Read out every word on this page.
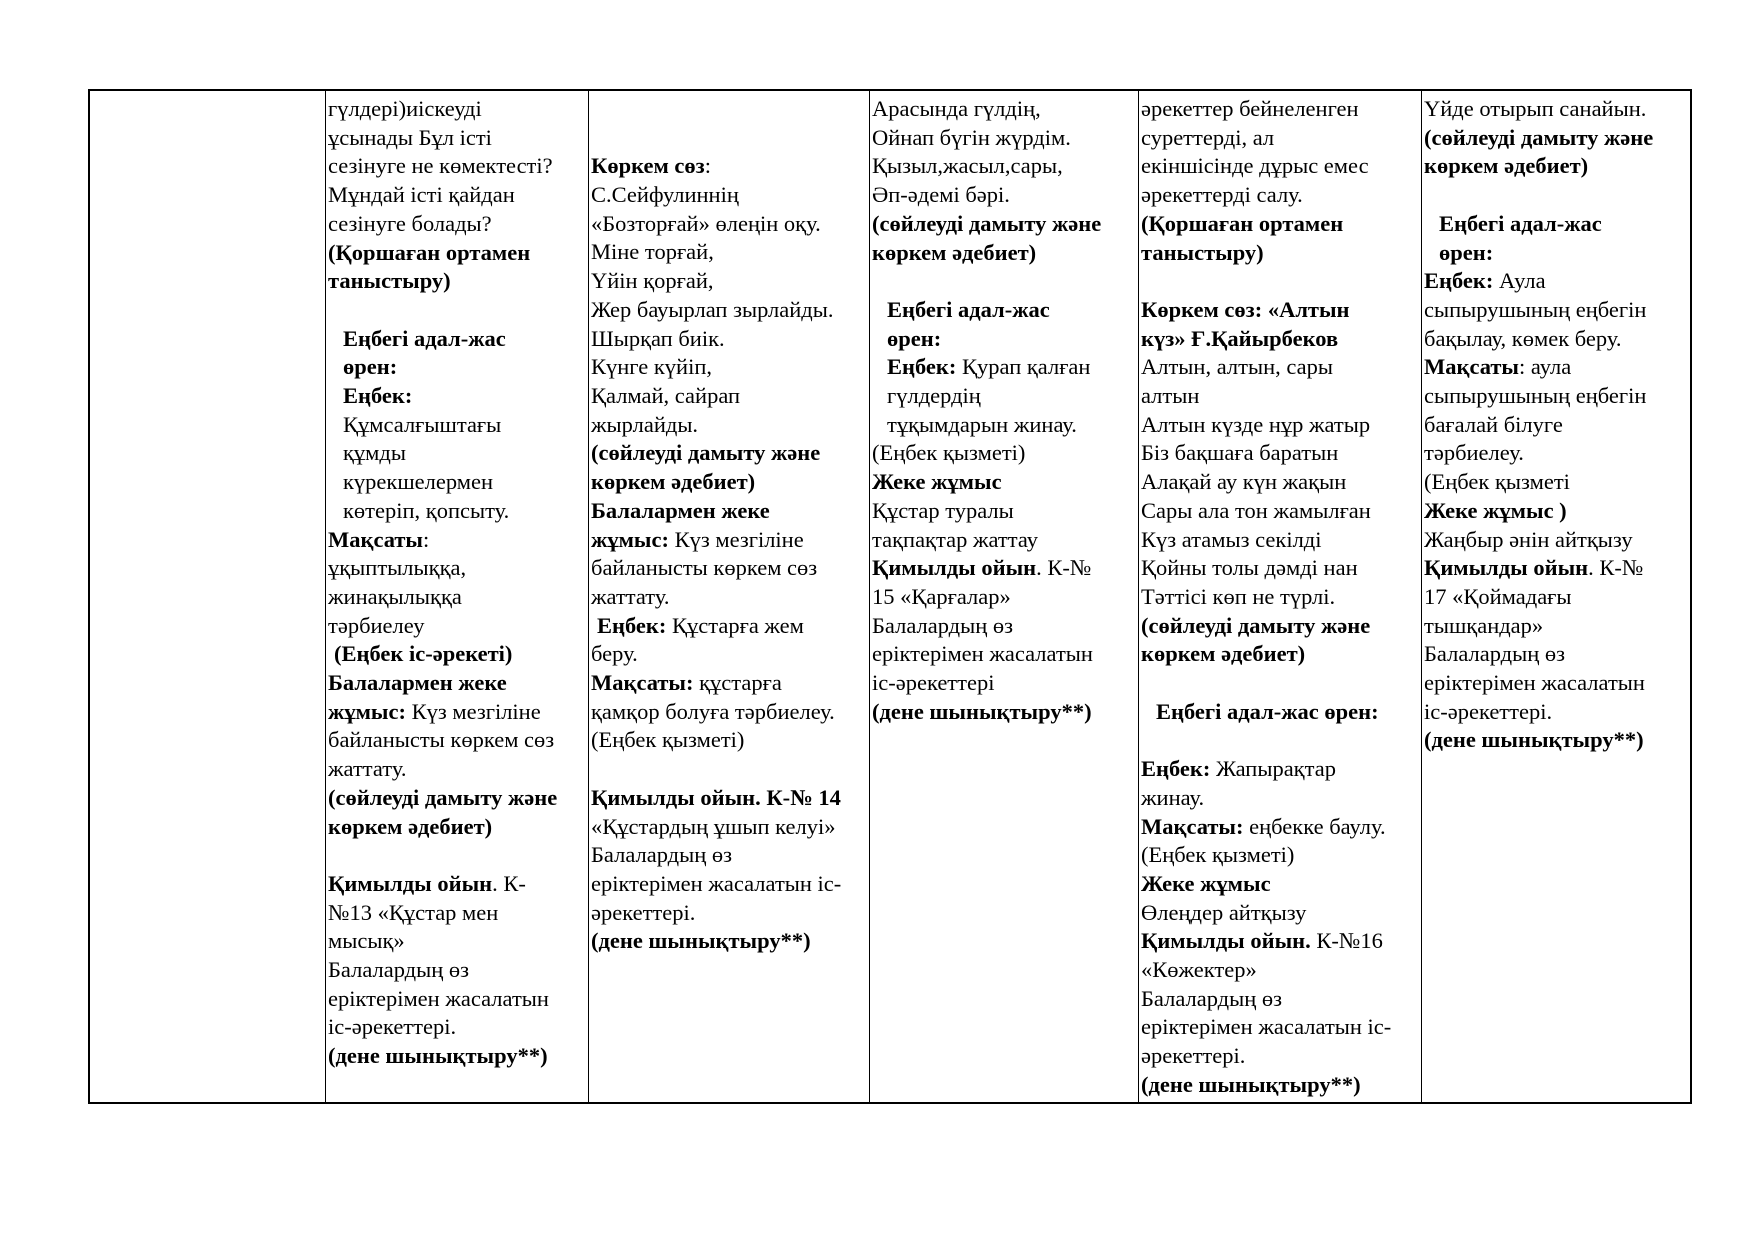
гүлдері)иіскеуді
ұсынады Бұл істі
сезінуге не көмектесті?
Мұндай істі қайдан
сезінуге болады?
(Қоршаған ортамен
таныстыру)
Еңбегі адал-жас
өрен:
Еңбек:
Құмсалғыштағы
құмды
күрекшелермен
көтеріп, қопсыту.
Мақсаты:
ұқыптылыққа,
жинақылыққа
тәрбиелеу
(Еңбек іс-әрекеті)
Балалармен жеке
жұмыс: Күз мезгіліне
байланысты көркем сөз
жаттату.
(сөйлеуді дамыту және
көркем әдебиет)
Қимылды ойын. К-
№13 «Құстар мен
мысық»
Балалардың өз
еріктерімен жасалатын
іс-әрекеттері.
(дене шынықтыру**)
Көркем сөз:
С.Сейфулиннің
«Бозторғай» өлеңін оқу.
Міне торғай,
Үйін қорғай,
Жер бауырлап зырлайды.
Шырқап биік.
Күнге күйіп,
Қалмай, сайрап
жырлайды.
(сөйлеуді дамыту және
көркем әдебиет)
Балалармен жеке
жұмыс: Күз мезгіліне
байланысты көркем сөз
жаттату.
Еңбек: Құстарға жем
беру.
Мақсаты: құстарға
қамқор болуға тәрбиелеу.
(Еңбек қызметі)
Қимылды ойын. К-№ 14
«Құстардың ұшып келуі»
Балалардың өз
еріктерімен жасалатын іс-
әрекеттері.
(дене шынықтыру**)
Арасында гүлдің,
Ойнап бүгін жүрдім.
Қызыл,жасыл,сары,
Әп-әдемі бәрі.
(сөйлеуді дамыту және
көркем әдебиет)
Еңбегі адал-жас
өрен:
Еңбек: Қурап қалған
гүлдердің
тұқымдарын жинау.
(Еңбек қызметі)
Жеке жұмыс
Құстар туралы
тақпақтар жаттау
Қимылды ойын. К-№
15 «Қарғалар»
Балалардың өз
еріктерімен жасалатын
іс-әрекеттері
(дене шынықтыру**)
әрекеттер бейнеленген
суреттерді, ал
екіншісінде дұрыс емес
әрекеттерді салу.
(Қоршаған ортамен
таныстыру)
Көркем сөз: «Алтын
күз» Ғ.Қайырбеков
Алтын, алтын, сары
алтын
Алтын күзде нұр жатыр
Біз бақшаға баратын
Алақай ау күн жақын
Сары ала тон жамылған
Күз атамыз секілді
Қойны толы дәмді нан
Тәттісі көп не түрлі.
(сөйлеуді дамыту және
көркем әдебиет)
Еңбегі адал-жас өрен:
Еңбек: Жапырақтар
жинау.
Мақсаты: еңбекке баулу.
(Еңбек қызметі)
Жеке жұмыс
Өлеңдер айтқызу
Қимылды ойын. К-№16
«Көжектер»
Балалардың өз
еріктерімен жасалатын іс-
әрекеттері.
(дене шынықтыру**)
Үйде отырып санайын.
(сөйлеуді дамыту және
көркем әдебиет)
Еңбегі адал-жас
өрен:
Еңбек: Аула
сыпырушының еңбегін
бақылау, көмек беру.
Мақсаты: аула
сыпырушының еңбегін
бағалай білуге
тәрбиелеу.
(Еңбек қызметі
Жеке жұмыс )
Жаңбыр әнін айтқызу
Қимылды ойын. К-№
17 «Қоймадағы
тышқандар»
Балалардың өз
еріктерімен жасалатын
іс-әрекеттері.
(дене шынықтыру**)
